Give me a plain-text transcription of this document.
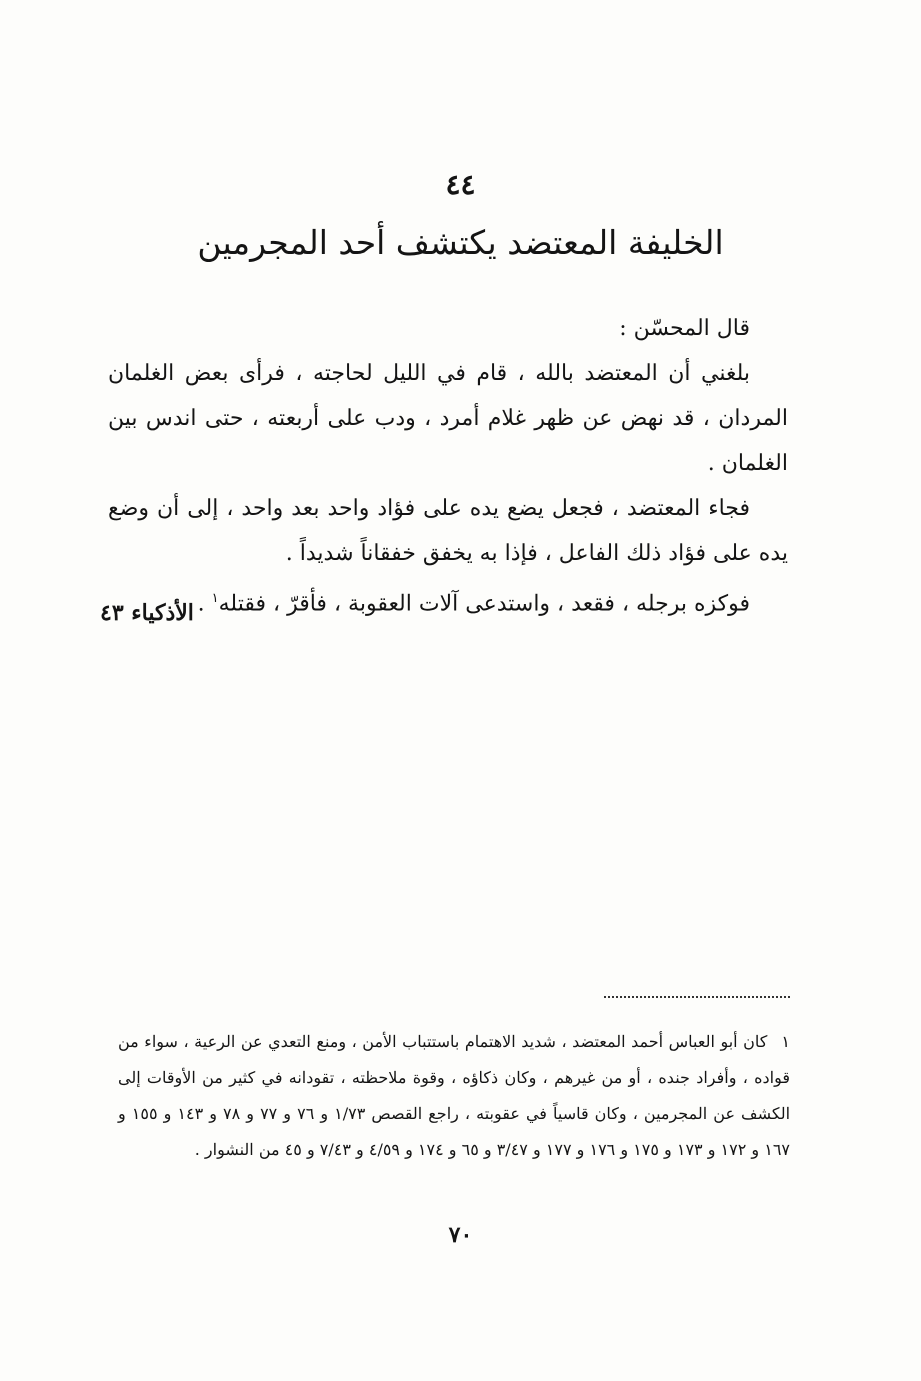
٤٤
الخليفة المعتضد يكتشف أحد المجرمين

قال المحسّن :

بلغني أن المعتضد بالله ، قام في الليل لحاجته ، فرأى بعض الغلمان المردان ، قد نهض عن ظهر غلام أمرد ، ودب على أربعته ، حتى اندس بين الغلمان .

فجاء المعتضد ، فجعل يضع يده على فؤاد واحد بعد واحد ، إلى أن وضع يده على فؤاد ذلك الفاعل ، فإذا به يخفق خفقاناً شديداً .

فوكزه برجله ، فقعد ، واستدعى آلات العقوبة ، فأقرّ ، فقتله$^١$ .

الأذكياء ٤٣
١كان أبو العباس أحمد المعتضد ، شديد الاهتمام باستتباب الأمن ، ومنع التعدي عن الرعية ، سواء من قواده ، وأفراد جنده ، أو من غيرهم ، وكان ذكاؤه ، وقوة ملاحظته ، تقودانه في كثير من الأوقات إلى الكشف عن المجرمين ، وكان قاسياً في عقوبته ، راجع القصص ١/٧٣ و ٧٦ و ٧٧ و ٧٨ و ١٤٣ و ١٥٥ و ١٦٧ و ١٧٢ و ١٧٣ و ١٧٥ و ١٧٦ و ١٧٧ و ٣/٤٧ و ٦٥ و ١٧٤ و ٤/٥٩ و ٧/٤٣ و ٤٥ من النشوار .
٧٠
